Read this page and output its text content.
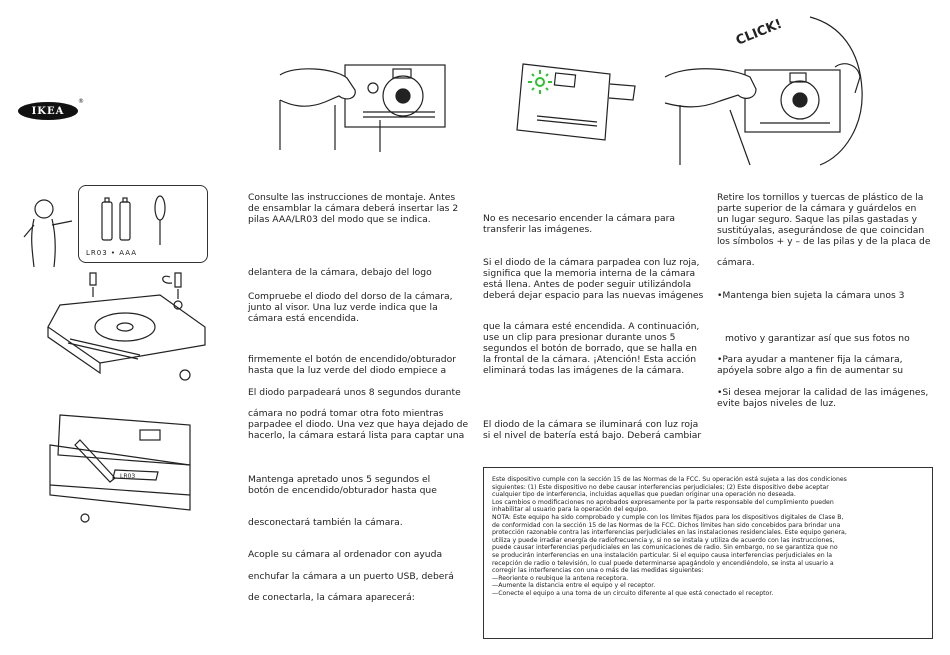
IKEA
®
CLICK!
LR03 • AAA
LR03
Consulte las instrucciones de montaje. Antes
de ensamblar la cámara deberá insertar las 2
pilas AAA/LR03 del modo que se indica.
delantera de la cámara, debajo del logo
Compruebe el diodo del dorso de la cámara,
junto al visor. Una luz verde indica que la
cámara está encendida.
firmemente el botón de encendido/obturador
hasta que la luz verde del diodo empiece a
El diodo parpadeará unos 8 segundos durante
cámara no podrá tomar otra foto mientras
parpadee el diodo. Una vez que haya dejado de
hacerlo, la cámara estará lista para captar una
Mantenga apretado unos 5 segundos el
botón de encendido/obturador hasta que
desconectará también la cámara.
Acople su cámara al ordenador con ayuda
enchufar la cámara a un puerto USB, deberá
de conectarla, la cámara aparecerá:
No es necesario encender la cámara para
transferir las imágenes.
Si el diodo de la cámara parpadea con luz roja,
significa que la memoria interna de la cámara
está llena. Antes de poder seguir utilizándola
deberá dejar espacio para las nuevas imágenes
que la cámara esté encendida. A continuación,
use un clip para presionar durante unos 5
segundos el botón de borrado, que se halla en
la frontal de la cámara. ¡Atención! Esta acción
eliminará todas las imágenes de la cámara.
El diodo de la cámara se iluminará con luz roja
si el nivel de batería está bajo. Deberá cambiar
Retire los tornillos y tuercas de plástico de la
parte superior de la cámara y guárdelos en
un lugar seguro. Saque las pilas gastadas y
sustitúyalas, asegurándose de que coincidan
los símbolos + y – de las pilas y de la placa de
cámara.
• Mantenga bien sujeta la cámara unos 3
motivo y garantizar así que sus fotos no
• Para ayudar a mantener fija la cámara,
apóyela sobre algo a fin de aumentar su
• Si desea mejorar la calidad de las imágenes,
evite bajos niveles de luz.
Este dispositivo cumple con la sección 15 de las Normas de la FCC. Su operación está sujeta a las dos condiciones
siguientes: (1) Este dispositivo no debe causar interferencias perjudiciales; (2) Este dispositivo debe aceptar
cualquier tipo de interferencia, incluidas aquellas que puedan originar una operación no deseada.
Los cambios o modificaciones no aprobados expresamente por la parte responsable del cumplimiento pueden
inhabilitar al usuario para la operación del equipo.
NOTA: Este equipo ha sido comprobado y cumple con los límites fijados para los dispositivos digitales de Clase B,
de conformidad con la sección 15 de las Normas de la FCC. Dichos límites han sido concebidos para brindar una
protección razonable contra las interferencias perjudiciales en las instalaciones residenciales. Este equipo genera,
utiliza y puede irradiar energía de radiofrecuencia y, si no se instala y utiliza de acuerdo con las instrucciones,
puede causar interferencias perjudiciales en las comunicaciones de radio. Sin embargo, no se garantiza que no
se producirán interferencias en una instalación particular. Si el equipo causa interferencias perjudiciales en la
recepción de radio o televisión, lo cual puede determinarse apagándolo y encendiéndolo, se insta al usuario a
corregir las interferencias con una o más de las medidas siguientes:
—Reoriente o reubique la antena receptora.
—Aumente la distancia entre el equipo y el receptor.
—Conecte el equipo a una toma de un circuito diferente al que está conectado el receptor.
